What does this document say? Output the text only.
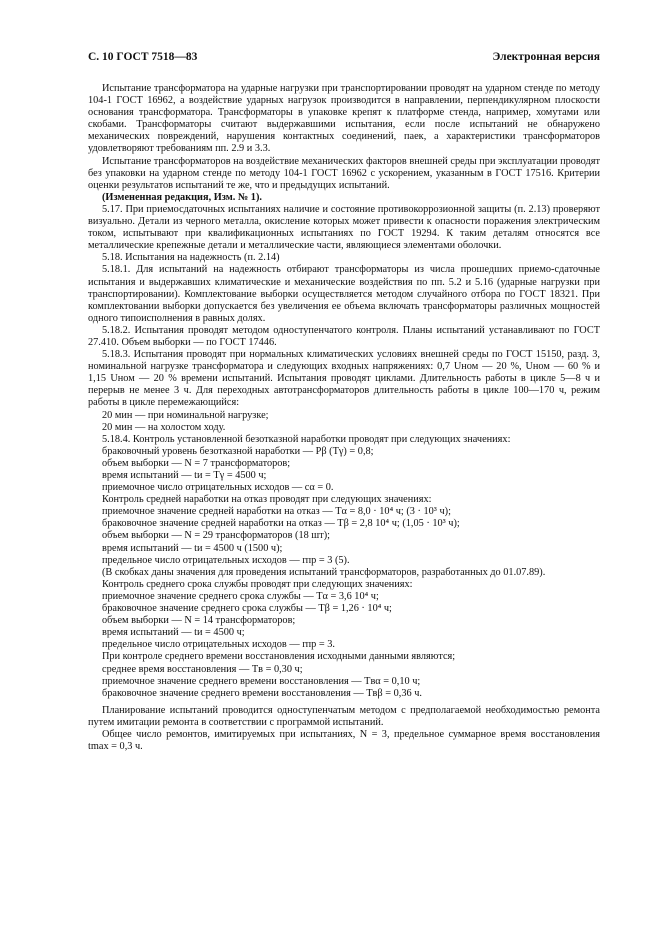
С. 10 ГОСТ 7518—83	Электронная версия

Испытание трансформатора на ударные нагрузки при транспортировании проводят на ударном стенде по методу 104-1 ГОСТ 16962, а воздействие ударных нагрузок производится в направлении, перпендикулярном плоскости основания трансформатора. Трансформаторы в упаковке крепят к платформе стенда, например, хомутами или скобами. Трансформаторы считают выдержавшими испытания, если после испытаний не обнаружено механических повреждений, нарушения контактных соединений, паек, а характеристики трансформаторов удовлетворяют требованиям пп. 2.9 и 3.3.

Испытание трансформаторов на воздействие механических факторов внешней среды при эксплуатации проводят без упаковки на ударном стенде по методу 104-1 ГОСТ 16962 с ускорением, указанным в ГОСТ 17516. Критерии оценки результатов испытаний те же, что и предыдущих испытаний.

(Измененная редакция, Изм. № 1).

5.17. При приемосдаточных испытаниях наличие и состояние противокоррозионной защиты (п. 2.13) проверяют визуально. Детали из черного металла, окисление которых может привести к опасности поражения электрическим током, испытывают при квалификационных испытаниях по ГОСТ 19294. К таким деталям относятся все металлические крепежные детали и металлические части, являющиеся элементами оболочки.

5.18. Испытания на надежность (п. 2.14)

5.18.1. Для испытаний на надежность отбирают трансформаторы из числа прошедших приемо-сдаточные испытания и выдержавших климатические и механические воздействия по пп. 5.2 и 5.16 (ударные нагрузки при транспортировании). Комплектование выборки осуществляется методом случайного отбора по ГОСТ 18321. При комплектовании выборки допускается без увеличения ее объема включать трансформаторы различных мощностей одного типоисполнения в равных долях.

5.18.2. Испытания проводят методом одноступенчатого контроля. Планы испытаний устанавливают по ГОСТ 27.410. Объем выборки — по ГОСТ 17446.

5.18.3. Испытания проводят при нормальных климатических условиях внешней среды по ГОСТ 15150, разд. 3, номинальной нагрузке трансформатора и следующих входных напряжениях: 0,7 Uном — 20 %, Uном — 60 % и 1,15 Uном — 20 % времени испытаний. Испытания проводят циклами. Длительность работы в цикле 5—8 ч и перерыв не менее 3 ч. Для переходных автотрансформаторов длительность работы в цикле 100—170 ч, режим работы в цикле перемежающийся:

20 мин — при номинальной нагрузке;

20 мин — на холостом ходу.

5.18.4. Контроль установленной безотказной наработки проводят при следующих значениях:

браковочный уровень безотказной наработки — Pβ (Tγ) = 0,8;

объем выборки — N = 7 трансформаторов;

время испытаний — tи = Tγ = 4500 ч;

приемочное число отрицательных исходов — cα = 0.

Контроль средней наработки на отказ проводят при следующих значениях:

приемочное значение средней наработки на отказ — Tα = 8,0 · 10⁴ ч; (3 · 10³ ч);

браковочное значение средней наработки на отказ — Tβ = 2,8 10⁴ ч; (1,05 · 10³ ч);

объем выборки — N = 29 трансформаторов (18 шт);

время испытаний — tи = 4500 ч (1500 ч);

предельное число отрицательных исходов — rпр = 3 (5).

(В скобках даны значения для проведения испытаний трансформаторов, разработанных до 01.07.89).

Контроль среднего срока службы проводят при следующих значениях:

приемочное значение среднего срока службы — Tα = 3,6 10⁴ ч;

браковочное значение среднего срока службы — Tβ = 1,26 · 10⁴ ч;

объем выборки — N = 14 трансформаторов;

время испытаний — tи = 4500 ч;

предельное число отрицательных исходов — rпр = 3.

При контроле среднего времени восстановления исходными данными являются;

среднее время восстановления — Tв = 0,30 ч;

приемочное значение среднего времени восстановления — Tвα = 0,10 ч;

браковочное значение среднего времени восстановления — Tвβ = 0,36 ч.

Планирование испытаний проводится одноступенчатым методом с предполагаемой необходимостью ремонта путем имитации ремонта в соответствии с программой испытаний.

Общее число ремонтов, имитируемых при испытаниях, N = 3, предельное суммарное время восстановления tmax = 0,3 ч.
